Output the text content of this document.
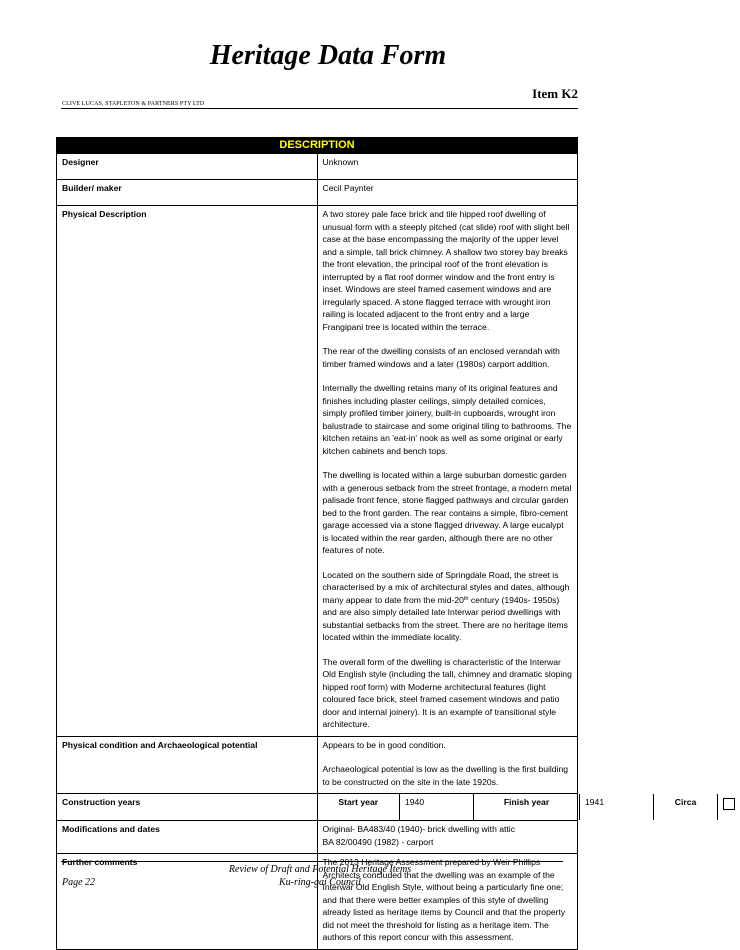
Heritage Data Form
Item K2
CLIVE LUCAS, STAPLETON & PARTNERS PTY LTD
DESCRIPTION
Designer	Unknown
Builder/ maker	Cecil Paynter
Physical Description	A two storey pale face brick and tile hipped roof dwelling of unusual form with a steeply pitched (cat slide) roof with slight bell case at the base encompassing the majority of the upper level and a simple, tall brick chimney. A shallow two storey bay breaks the front elevation, the principal roof of the front elevation is interrupted by a flat roof dormer window and the front entry is inset. Windows are steel framed casement windows and are irregularly spaced. A stone flagged terrace with wrought iron railing is located adjacent to the front entry and a large Frangipani tree is located within the terrace.

The rear of the dwelling consists of an enclosed verandah with timber framed windows and a later (1980s) carport addition.

Internally the dwelling retains many of its original features and finishes including plaster ceilings, simply detailed cornices, simply profiled timber joinery, built-in cupboards, wrought iron balustrade to staircase and some original tiling to bathrooms. The kitchen retains an 'eat-in' nook as well as some original or early kitchen cabinets and bench tops.

The dwelling is located within a large suburban domestic garden with a generous setback from the street frontage, a modern metal palisade front fence, stone flagged pathways and circular garden bed to the front garden. The rear contains a simple, fibro-cement garage accessed via a stone flagged driveway. A large eucalypt is located within the rear garden, although there are no other features of note.

Located on the southern side of Springdale Road, the street is characterised by a mix of architectural styles and dates, although many appear to date from the mid-20th century (1940s- 1950s) and are also simply detailed late Interwar period dwellings with substantial setbacks from the street. There are no heritage items located within the immediate locality.

The overall form of the dwelling is characteristic of the Interwar Old English style (including the tall, chimney and dramatic sloping hipped roof form) with Moderne architectural features (light coloured face brick, steel framed casement windows and patio door and internal joinery). It is an example of transitional style architecture.

Physical condition and Archaeological potential	Appears to be in good condition.

Archaeological potential is low as the dwelling is the first building to be constructed on the site in the late 1920s.

Construction years		Start year	1940	Finish year	1941	Circa	

Modifications and dates	Original- BA483/40 (1940)- brick dwelling with attic
BA 82/00490 (1982) - carport

Further comments	The 2013 Heritage Assessment prepared by Weir Phillips Architects concluded that the dwelling was an example of the Interwar Old English Style, without being a particularly fine one; and that there were better examples of this style of dwelling already listed as heritage items by Council and that the property did not meet the threshold for listing as a heritage item. The authors of this report concur with this assessment.
Review of Draft and Potential Heritage Items
Ku-ring-gai Council
Page 22
